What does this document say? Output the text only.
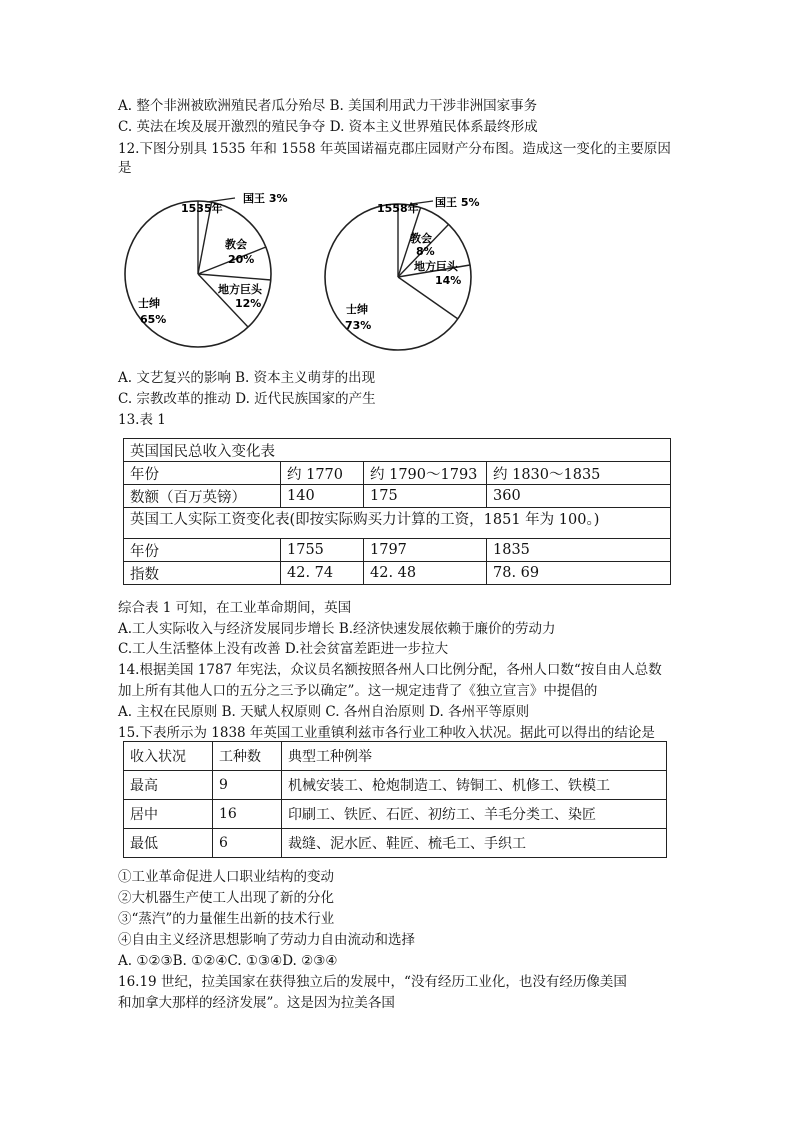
A. 整个非洲被欧洲殖民者瓜分殆尽 B. 美国利用武力干涉非洲国家事务
C. 英法在埃及展开激烈的殖民争夺 D. 资本主义世界殖民体系最终形成
12.下图分别具 1535 年和 1558 年英国诺福克郡庄园财产分布图。造成这一变化的主要原因
是
1535年
国王 3%
教会
20%
地方巨头
12%
士绅
65%
1558年 国王 5%
教会
8%
地方巨头
14%
士绅
73%
A. 文艺复兴的影响 B. 资本主义萌芽的出现
C. 宗教改革的推动 D. 近代民族国家的产生
13.表 1
英国国民总收入变化表			
年份	约 1770	约 1790～1793	约 1830～1835
数额（百万英镑）	140	175	360
英国工人实际工资变化表(即按实际购买力计算的工资，1851 年为 100。)			
年份	1755	1797	1835
指数	42. 74	42. 48	78. 69
综合表 1 可知，在工业革命期间，英国
A.工人实际收入与经济发展同步增长 B.经济快速发展依赖于廉价的劳动力
C.工人生活整体上没有改善 D.社会贫富差距进一步拉大
14.根据美国 1787 年宪法，众议员名额按照各州人口比例分配，各州人口数“按自由人总数
加上所有其他人口的五分之三予以确定”。这一规定违背了《独立宣言》中提倡的
A. 主权在民原则 B. 天赋人权原则 C. 各州自治原则 D. 各州平等原则
15.下表所示为 1838 年英国工业重镇利兹市各行业工种收入状况。据此可以得出的结论是
收入状况	工种数	典型工种例举
最高	9	机械安装工、枪炮制造工、铸铜工、机修工、铁模工
居中	16	印刷工、铁匠、石匠、初纺工、羊毛分类工、染匠
最低	6	裁缝、泥水匠、鞋匠、梳毛工、手织工
①工业革命促进人口职业结构的变动
②大机器生产使工人出现了新的分化
③“蒸汽”的力量催生出新的技术行业
④自由主义经济思想影响了劳动力自由流动和选择
A. ①②③B. ①②④C. ①③④D. ②③④
16.19 世纪，拉美国家在获得独立后的发展中，“没有经历工业化，也没有经历像美国
和加拿大那样的经济发展”。这是因为拉美各国
